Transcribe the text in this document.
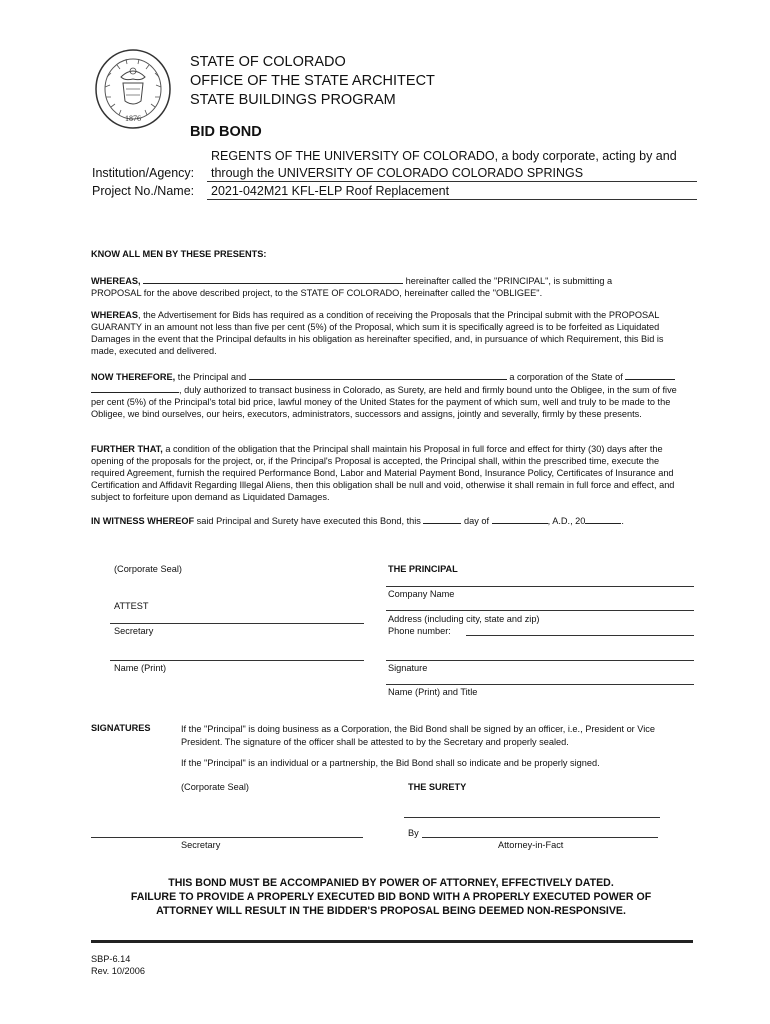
1876
STATE OF COLORADO
OFFICE OF THE STATE ARCHITECT
STATE BUILDINGS PROGRAM
BID BOND
REGENTS OF THE UNIVERSITY OF COLORADO, a body corporate, acting by and
Institution/Agency: through the UNIVERSITY OF COLORADO COLORADO SPRINGS
Project No./Name: 2021-042M21 KFL-ELP Roof Replacement
KNOW ALL MEN BY THESE PRESENTS:
WHEREAS,	hereinafter called the "PRINCIPAL", is submitting a
PROPOSAL for the above described project, to the STATE OF COLORADO, hereinafter called the "OBLIGEE".
WHEREAS, the Advertisement for Bids has required as a condition of receiving the Proposals that the Principal submit with the PROPOSAL GUARANTY in an amount not less than five per cent (5%) of the Proposal, which sum it is specifically agreed is to be forfeited as Liquidated Damages in the event that the Principal defaults in his obligation as hereinafter specified, and, in pursuance of which Requirement, this Bid is made, executed and delivered.
NOW THEREFORE, the Principal and	a corporation of the State of
, duly authorized to transact business in Colorado, as Surety, are held and firmly bound unto the Obligee, in the sum of five per cent (5%) of the Principal's total bid price, lawful money of the United States for the payment of which sum, well and truly to be made to the Obligee, we bind ourselves, our heirs, executors, administrators, successors and assigns, jointly and severally, firmly by these presents.
FURTHER THAT, a condition of the obligation that the Principal shall maintain his Proposal in full force and effect for thirty (30) days after the opening of the proposals for the project, or, if the Principal's Proposal is accepted, the Principal shall, within the prescribed time, execute the required Agreement, furnish the required Performance Bond, Labor and Material Payment Bond, Insurance Policy, Certificates of Insurance and Certification and Affidavit Regarding Illegal Aliens, then this obligation shall be null and void, otherwise it shall remain in full force and effect, and subject to forfeiture upon demand as Liquidated Damages.
IN WITNESS WHEREOF said Principal and Surety have executed this Bond, this	day of	, A.D., 20	.
(Corporate Seal)	THE PRINCIPAL
Company Name
ATTEST
Address (including city, state and zip)
Secretary	Phone number:
Name (Print)	Signature
Name (Print) and Title
SIGNATURES	If the "Principal" is doing business as a Corporation, the Bid Bond shall be signed by an officer, i.e., President or Vice President. The signature of the officer shall be attested to by the Secretary and properly sealed.
If the "Principal" is an individual or a partnership, the Bid Bond shall so indicate and be properly signed.
(Corporate Seal)	THE SURETY
By
Secretary	Attorney-in-Fact
THIS BOND MUST BE ACCOMPANIED BY POWER OF ATTORNEY, EFFECTIVELY DATED.
FAILURE TO PROVIDE A PROPERLY EXECUTED BID BOND WITH A PROPERLY EXECUTED POWER OF
ATTORNEY WILL RESULT IN THE BIDDER'S PROPOSAL BEING DEEMED NON-RESPONSIVE.
SBP-6.14
Rev. 10/2006
